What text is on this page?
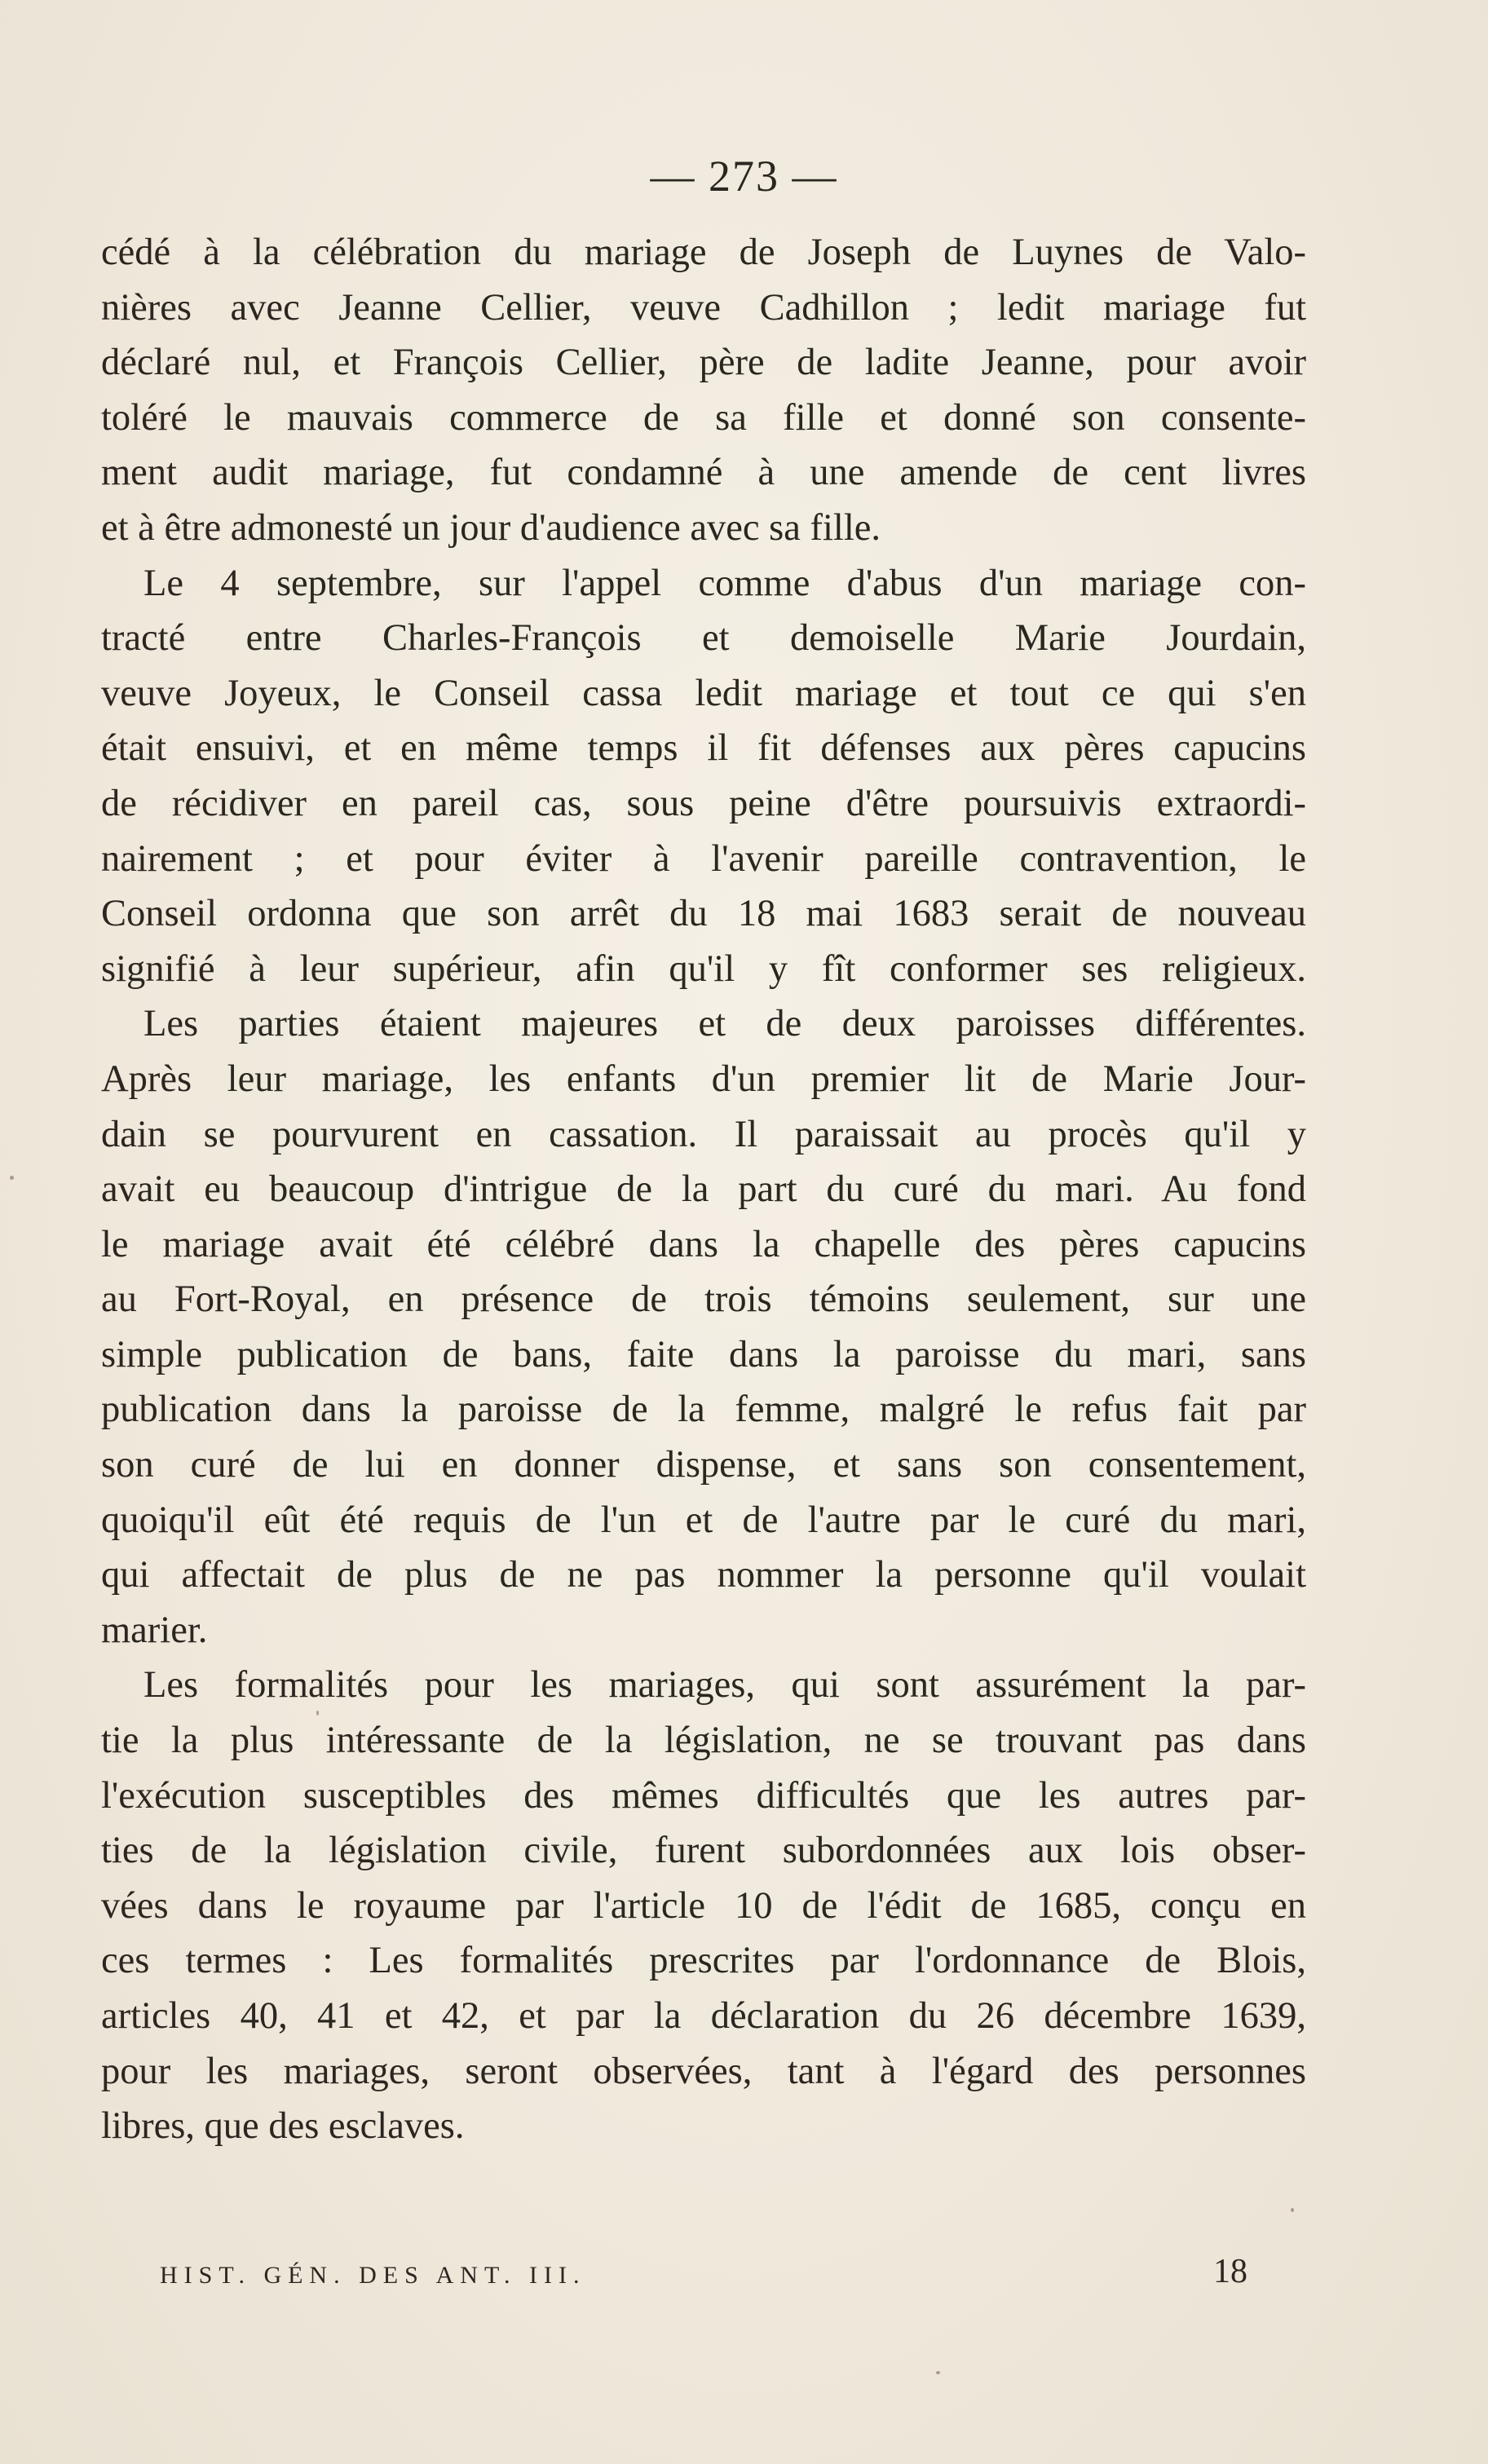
— 273 —
cédé à la célébration du mariage de Joseph de Luynes de Valo-
nières avec Jeanne Cellier, veuve Cadhillon ; ledit mariage fut
déclaré nul, et François Cellier, père de ladite Jeanne, pour avoir
toléré le mauvais commerce de sa fille et donné son consente-
ment audit mariage, fut condamné à une amende de cent livres
et à être admonesté un jour d'audience avec sa fille.
Le 4 septembre, sur l'appel comme d'abus d'un mariage con-
tracté entre Charles-François et demoiselle Marie Jourdain,
veuve Joyeux, le Conseil cassa ledit mariage et tout ce qui s'en
était ensuivi, et en même temps il fit défenses aux pères capucins
de récidiver en pareil cas, sous peine d'être poursuivis extraordi-
nairement ; et pour éviter à l'avenir pareille contravention, le
Conseil ordonna que son arrêt du 18 mai 1683 serait de nouveau
signifié à leur supérieur, afin qu'il y fît conformer ses religieux.
Les parties étaient majeures et de deux paroisses différentes.
Après leur mariage, les enfants d'un premier lit de Marie Jour-
dain se pourvurent en cassation. Il paraissait au procès qu'il y
avait eu beaucoup d'intrigue de la part du curé du mari. Au fond
le mariage avait été célébré dans la chapelle des pères capucins
au Fort-Royal, en présence de trois témoins seulement, sur une
simple publication de bans, faite dans la paroisse du mari, sans
publication dans la paroisse de la femme, malgré le refus fait par
son curé de lui en donner dispense, et sans son consentement,
quoiqu'il eût été requis de l'un et de l'autre par le curé du mari,
qui affectait de plus de ne pas nommer la personne qu'il voulait
marier.
Les formalités pour les mariages, qui sont assurément la par-
tie la plus intéressante de la législation, ne se trouvant pas dans
l'exécution susceptibles des mêmes difficultés que les autres par-
ties de la législation civile, furent subordonnées aux lois obser-
vées dans le royaume par l'article 10 de l'édit de 1685, conçu en
ces termes : Les formalités prescrites par l'ordonnance de Blois,
articles 40, 41 et 42, et par la déclaration du 26 décembre 1639,
pour les mariages, seront observées, tant à l'égard des personnes
libres, que des esclaves.
HIST. GÉN. DES ANT. III.	18
